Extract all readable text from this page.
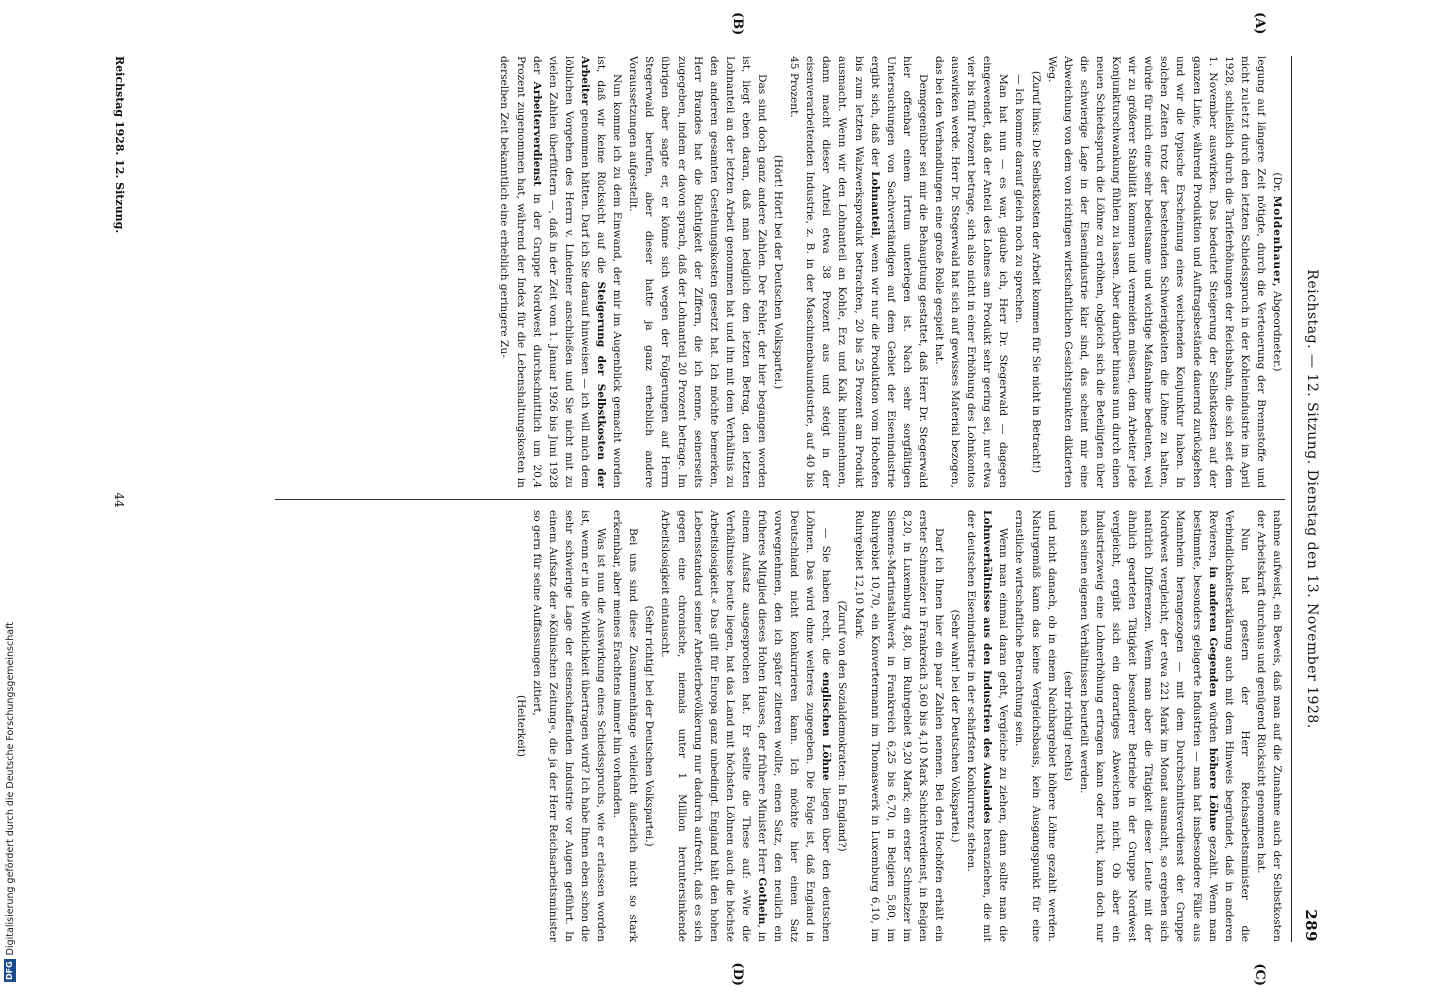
Reichstag. — 12. Sitzung. Dienstag den 13. November 1928.
289
(A)
(B)

(Dr. Moldenhauer, Abgeordneter.)

legung auf längere Zeit nötigte, durch die Verteuerung der Brennstoffe und nicht zuletzt durch den letzten Schiedsspruch in der Kohlenindustrie im April 1928, schließlich durch die Tariferhöhungen der Reichsbahn, die sich seit dem 1. November auswirken. Das bedeutet Steigerung der Selbstkosten auf der ganzen Linie, während Produktion und Auftragsbestände dauernd zurückgehen und wir die typische Erscheinung eines weichenden Konjunktur haben. In solchen Zeiten trotz der bestehenden Schwierigkeiten die Löhne zu halten, würde für mich eine sehr bedeutsame und wichtige Maßnahme bedeuten, weil wir zu größerer Stabilität kommen und vermeiden müssen, dem Arbeiter jede Konjunkturschwankung fühlen zu lassen. Aber darüber hinaus nun durch einen neuen Schiedsspruch die Löhne zu erhöhen, obgleich sich die Beteiligten über die schwierige Lage in der Eisenindustrie klar sind, das scheint mir eine Abweichung von dem von richtigen wirtschaftlichen Gesichtspunkten diktierten Weg.

(Zuruf links: Die Selbstkosten der Arbeit kommen für Sie nicht in Betracht!)

— Ich komme darauf gleich noch zu sprechen.

Man hat nun — es war, glaube ich, Herr Dr. Stegerwald — dagegen eingewendet, daß der Anteil des Lohnes am Produkt sehr gering sei, nur etwa vier bis fünf Prozent betrage, sich also nicht in einer Erhöhung des Lohnkontos auswirken werde. Herr Dr. Stegerwald hat sich auf gewisses Material bezogen, das bei den Verhandlungen eine große Rolle gespielt hat.

Demgegenüber sei mir die Behauptung gestattet, daß Herr Dr. Stegerwald hier offenbar einem Irrtum unterlegen ist. Nach sehr sorgfältigen Untersuchungen von Sachverständigen auf dem Gebiet der Eisenindustrie ergibt sich, daß der Lohnanteil, wenn wir nur die Produktion vom Hochofen bis zum letzten Walzwerksprodukt betrachten, 20 bis 25 Prozent am Produkt ausmacht. Wenn wir den Lohnanteil an Kohle, Erz und Kalk hineinnehmen, dann macht dieser Anteil etwa 38 Prozent aus und steigt in der eisenverarbeitenden Industrie, z. B. in der Maschinenbauindustrie, auf 40 bis 45 Prozent.

(Hört! Hört! bei der Deutschen Volkspartei.)

Das sind doch ganz andere Zahlen. Der Fehler, der hier begangen worden ist, liegt eben daran, daß man lediglich den letzten Betrag, den letzten Lohnanteil an der letzten Arbeit genommen hat und ihn mit dem Verhältnis zu den anderen gesamten Gestehungskosten gesetzt hat. Ich möchte bemerken, Herr Brandes hat die Richtigkeit der Ziffern, die ich nenne, seinerseits zugegeben, indem er davon sprach, daß der Lohnanteil 20 Prozent betrage. Im übrigen aber sagte er, er könne sich wegen der Folgerungen auf Herrn Stegerwald berufen, aber dieser hatte ja ganz erheblich andere Voraussetzungen aufgestellt.

Nun komme ich zu dem Einwand, der mir im Augenblick gemacht worden ist, daß wir keine Rücksicht auf die Steigerung der Selbstkosten der Arbeiter genommen hätten. Darf ich Sie darauf hinweisen — ich will mich dem löblichen Vorgehen des Herrn v. Lindeiner anschließen und Sie nicht mit zu vielen Zahlen überfüttern —, daß in der Zeit vom 1. Januar 1926 bis Juni 1928 der Arbeiterverdienst in der Gruppe Nordwest durchschnittlich um 20,4 Prozent zugenommen hat, während der Index für die Lebenshaltungskosten in derselben Zeit bekanntlich eine erheblich geringere Zu-

(C)
(D)

nahme aufweist, ein Beweis, daß man auf die Zunahme auch der Selbstkosten der Arbeitskraft durchaus und genügend Rücksicht genommen hat.

Nun hat gestern der Herr Reichsarbeitsminister die Verbindlichkeitserklärung auch mit dem Hinweis begründet, daß in anderen Revieren, in anderen Gegenden würden höhere Löhne gezahlt. Wenn man bestimmte, besonders gelagerte Industrien — man hat insbesondere Fälle aus Mannheim herangezogen — mit dem Durchschnittsverdienst der Gruppe Nordwest vergleicht, der etwa 221 Mark im Monat ausmacht, so ergeben sich natürlich Differenzen. Wenn man aber die Tätigkeit dieser Leute mit der ähnlich gearteten Tätigkeit besonderer Betriebe in der Gruppe Nordwest vergleicht, ergibt sich ein derartiges Abweichen nicht. Ob aber ein Industriezweig eine Lohnerhöhung ertragen kann oder nicht, kann doch nur nach seinen eigenen Verhältnissen beurteilt werden.

(sehr richtig! rechts)

und nicht danach, ob in einem Nachbargebiet höhere Löhne gezahlt werden. Naturgemäß kann das keine Vergleichsbasis, kein Ausgangspunkt für eine ernstliche wirtschaftliche Betrachtung sein.

Wenn man einmal daran geht, Vergleiche zu ziehen, dann sollte man die Lohnverhältnisse aus den Industrien des Auslandes heranziehen, die mit der deutschen Eisenindustrie in der schärfsten Konkurrenz stehen.

(Sehr wahr! bei der Deutschen Volkspartei.)

Darf ich Ihnen hier ein paar Zahlen nennen. Bei den Hochöfen erhält ein erster Schmelzer in Frankreich 3,60 bis 4,10 Mark Schichtverdienst, in Belgien 8,20, in Luxemburg 4,80, im Ruhrgebiet 9,20 Mark; ein erster Schmelzer im Siemens-Martinstahlwerk in Frankreich 6,25 bis 6,70, in Belgien 5,80, im Ruhrgebiet 10,70, ein Konvertermann im Thomaswerk in Luxemburg 6,10, im Ruhrgebiet 12,10 Mark.

(Zuruf von den Sozialdemokraten: In England?)

— Sie haben recht, die englischen Löhne liegen über den deutschen Löhnen. Das wird ohne weiteres zugegeben. Die Folge ist, daß England in Deutschland nicht konkurrieren kann. Ich möchte hier einen Satz vorwegnehmen, den ich später zitieren wollte, einen Satz, den neulich ein früheres Mitglied dieses Hohen Hauses, der frühere Minister Herr Gothein, in einem Aufsatz ausgesprochen hat. Er stellte die These auf: »Wie die Verhältnisse heute liegen, hat das Land mit höchsten Löhnen auch die höchste Arbeitslosigkeit.« Das gilt für Europa ganz unbedingt. England hält den hohen Lebensstandard seiner Arbeiterbevölkerung nur dadurch aufrecht, daß es sich gegen eine chronische, niemals unter 1 Million heruntersinkende Arbeitslosigkeit eintauscht.

(Sehr richtig! bei der Deutschen Volkspartei.)

Bei uns sind diese Zusammenhänge vielleicht äußerlich nicht so stark erkennbar, aber meines Erachtens immer hin vorhanden.

Was ist nun die Auswirkung eines Schiedsspruchs, wie er erlassen worden ist, wenn er in die Wirklichkeit übertragen wird? Ich habe Ihnen eben schon die sehr schwierige Lage der eisenschaffenden Industrie vor Augen geführt. In einem Aufsatz der »Kölnischen Zeitung«, die ja der Herr Reichsarbeitsminister so gern für seine Auffassungen zitiert,

(Heiterkeit)

Reichstag 1928. 12. Sitzung.
44
DFG
Digitalisierung gefördert durch die Deutsche Forschungsgemeinschaft
